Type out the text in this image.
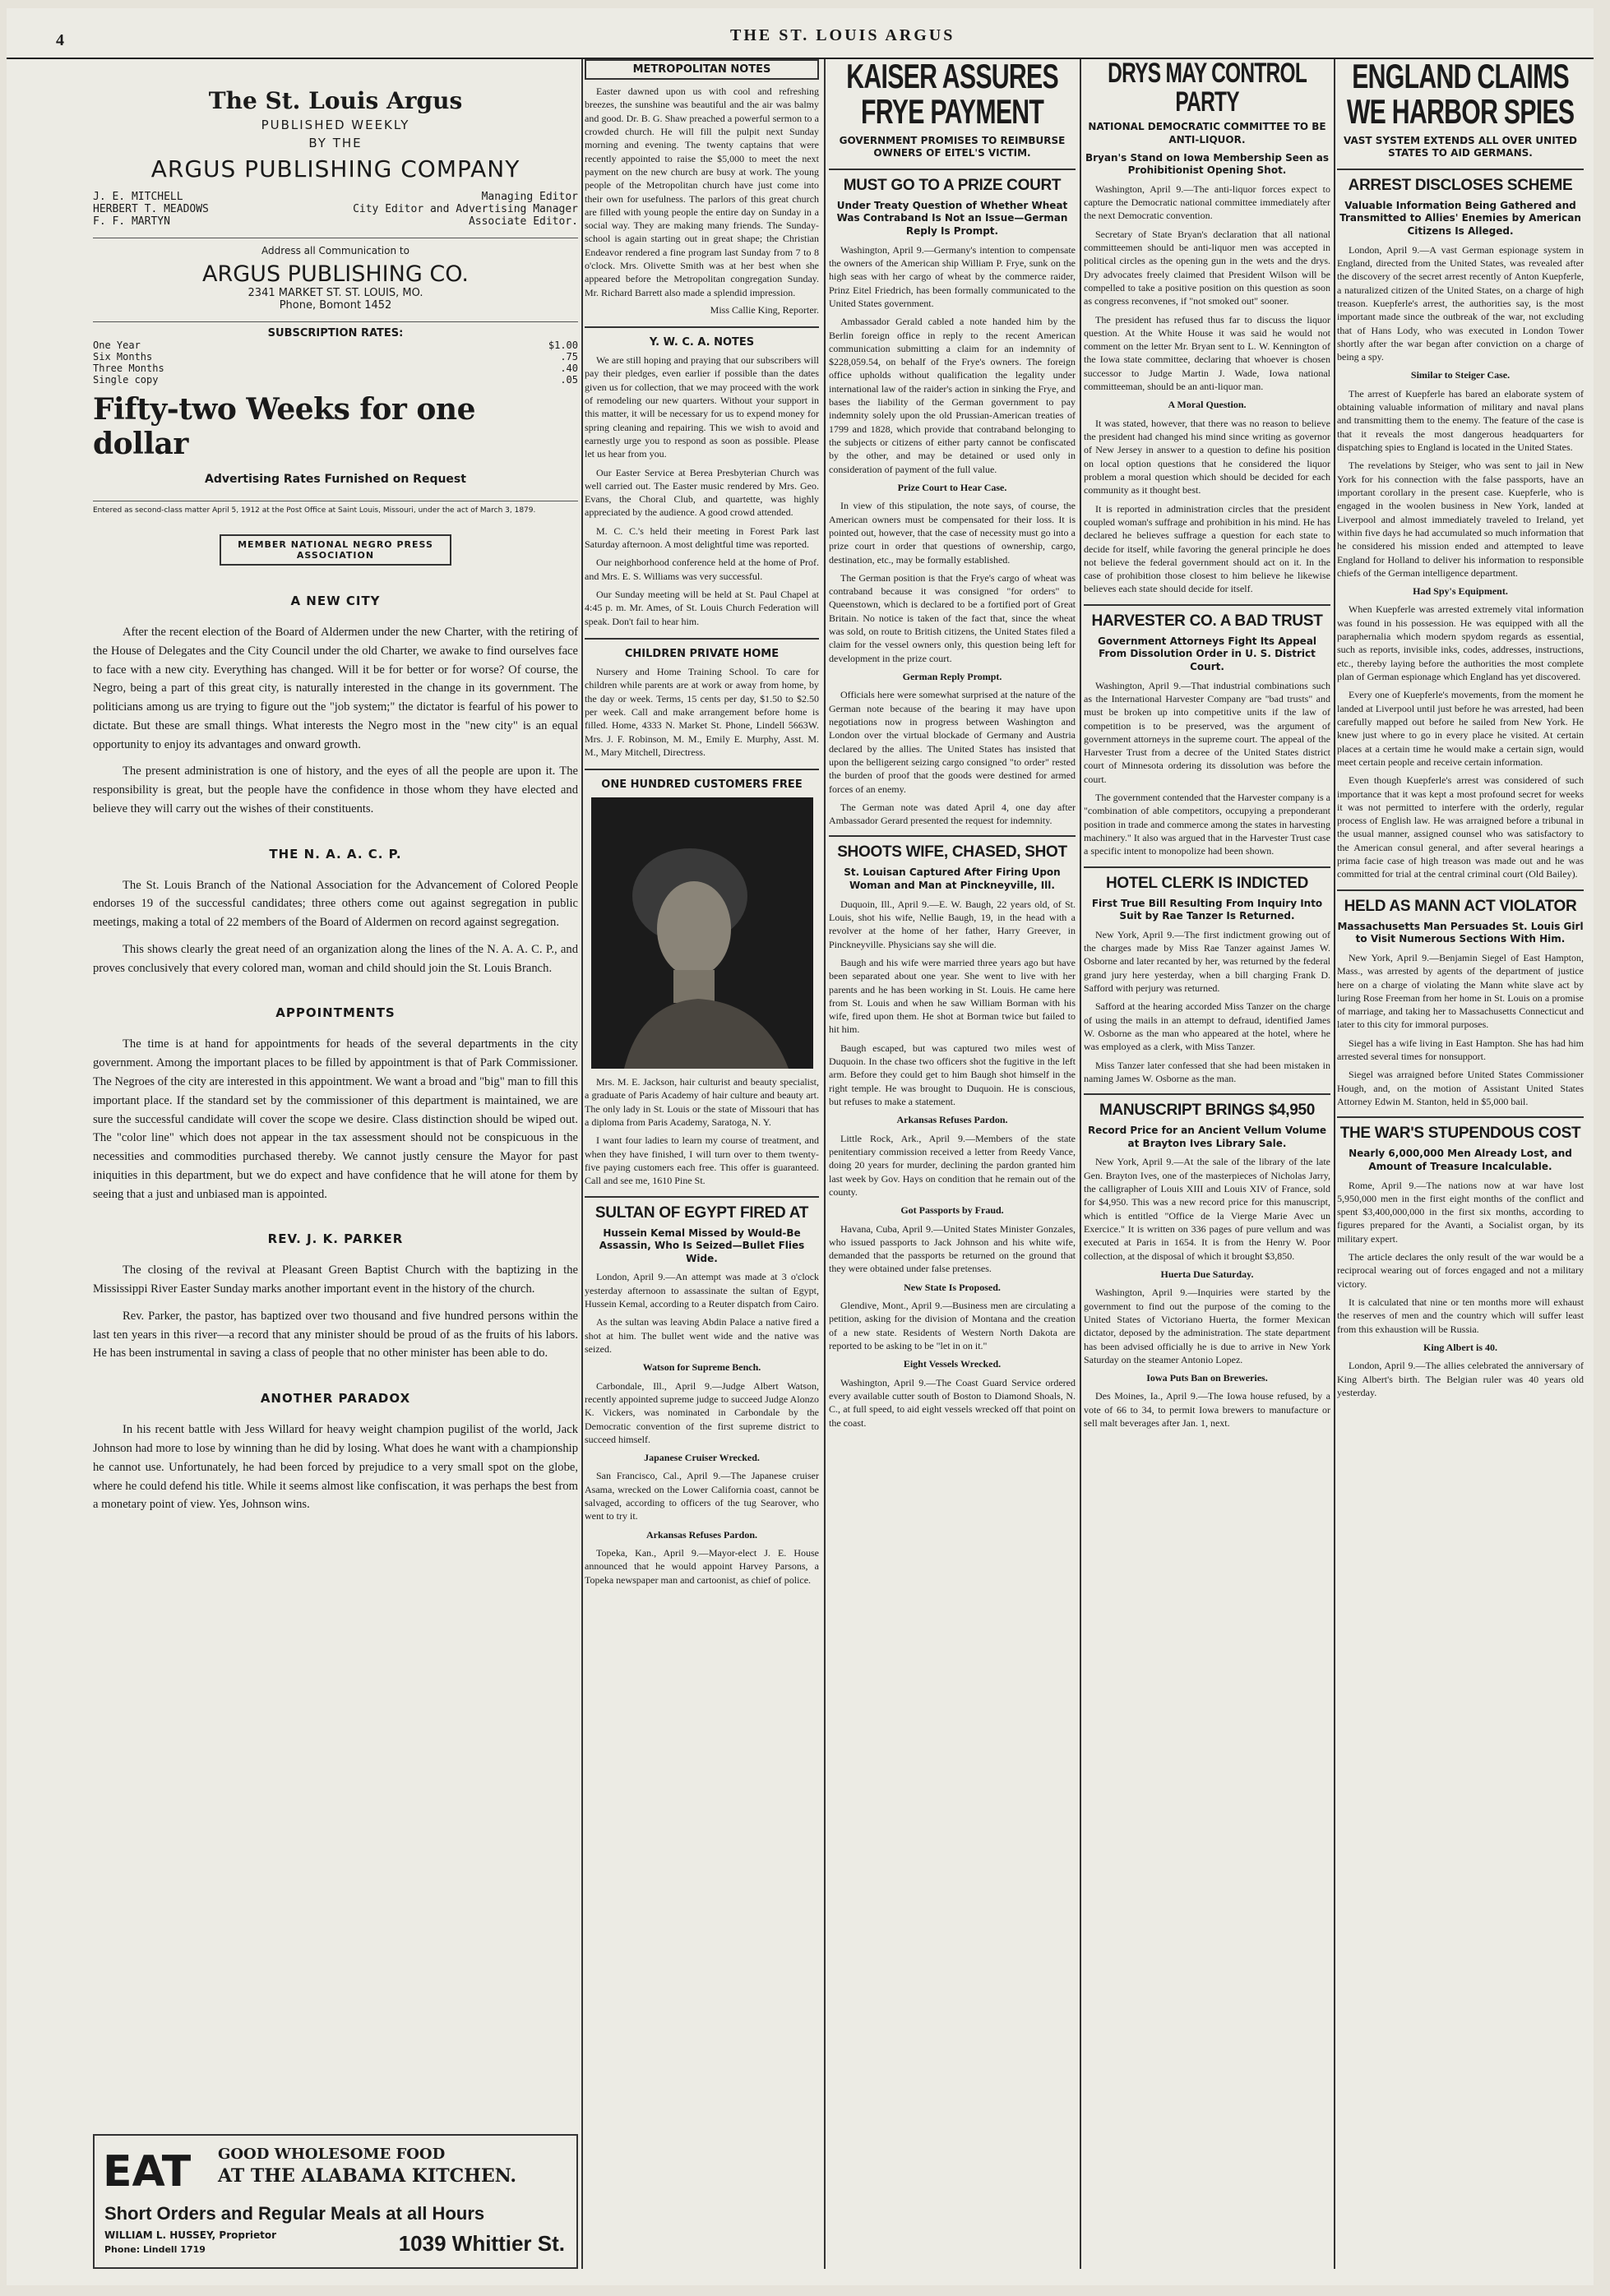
4	THE ST. LOUIS ARGUS
The St. Louis Argus
PUBLISHED WEEKLY
BY THE
ARGUS PUBLISHING COMPANY
J. E. MITCHELL	Managing Editor
HERBERT T. MEADOWS	City Editor and Advertising Manager
F. F. MARTYN	Associate Editor.
Address all Communication to
ARGUS PUBLISHING CO.
2341 MARKET ST. ST. LOUIS, MO.
Phone, Bomont 1452
SUBSCRIPTION RATES:
One Year	$1.00
Six Months	.75
Three Months	.40
Single copy	.05
Fifty-two Weeks for one dollar
Advertising Rates Furnished on Request
Entered as second-class matter April 5, 1912 at the Post Office at Saint Louis, Missouri, under the act of March 3, 1879.
MEMBER NATIONAL NEGRO PRESS ASSOCIATION
A NEW CITY

After the recent election of the Board of Aldermen under the new Charter, with the retiring of the House of Delegates and the City Council under the old Charter, we awake to find ourselves face to face with a new city. Everything has changed. Will it be for better or for worse? Of course, the Negro, being a part of this great city, is naturally interested in the change in its government. The politicians among us are trying to figure out the "job system;" the dictator is fearful of his power to dictate. But these are small things. What interests the Negro most in the "new city" is an equal opportunity to enjoy its advantages and onward growth.

The present administration is one of history, and the eyes of all the people are upon it. The responsibility is great, but the people have the confidence in those whom they have elected and believe they will carry out the wishes of their constituents.

THE N. A. A. C. P.

The St. Louis Branch of the National Association for the Advancement of Colored People endorses 19 of the successful candidates; three others come out against segregation in public meetings, making a total of 22 members of the Board of Aldermen on record against segregation.

This shows clearly the great need of an organization along the lines of the N. A. A. C. P., and proves conclusively that every colored man, woman and child should join the St. Louis Branch.

APPOINTMENTS

The time is at hand for appointments for heads of the several departments in the city government. Among the important places to be filled by appointment is that of Park Commissioner. The Negroes of the city are interested in this appointment. We want a broad and "big" man to fill this important place. If the standard set by the commissioner of this department is maintained, we are sure the successful candidate will cover the scope we desire. Class distinction should be wiped out. The "color line" which does not appear in the tax assessment should not be conspicuous in the necessities and commodities purchased thereby. We cannot justly censure the Mayor for past iniquities in this department, but we do expect and have confidence that he will atone for them by seeing that a just and unbiased man is appointed.

REV. J. K. PARKER

The closing of the revival at Pleasant Green Baptist Church with the baptizing in the Mississippi River Easter Sunday marks another important event in the history of the church.

Rev. Parker, the pastor, has baptized over two thousand and five hundred persons within the last ten years in this river—a record that any minister should be proud of as the fruits of his labors. He has been instrumental in saving a class of people that no other minister has been able to do.

ANOTHER PARADOX

In his recent battle with Jess Willard for heavy weight champion pugilist of the world, Jack Johnson had more to lose by winning than he did by losing. What does he want with a championship he cannot use. Unfortunately, he had been forced by prejudice to a very small spot on the globe, where he could defend his title. While it seems almost like confiscation, it was perhaps the best from a monetary point of view. Yes, Johnson wins.

EAT GOOD WHOLESOME FOOD
AT THE ALABAMA KITCHEN.
Short Orders and Regular Meals at all Hours
WILLIAM L. HUSSEY, Proprietor
Phone: Lindell 1719	1039 Whittier St.
METROPOLITAN NOTES

Easter dawned upon us with cool and refreshing breezes, the sunshine was beautiful and the air was balmy and good. Dr. B. G. Shaw preached a powerful sermon to a crowded church. He will fill the pulpit next Sunday morning and evening. The twenty captains that were recently appointed to raise the $5,000 to meet the next payment on the new church are busy at work. The young people of the Metropolitan church have just come into their own for usefulness. The parlors of this great church are filled with young people the entire day on Sunday in a social way. They are making many friends. The Sunday-school is again starting out in great shape; the Christian Endeavor rendered a fine program last Sunday from 7 to 8 o'clock. Mrs. Olivette Smith was at her best when she appeared before the Metropolitan congregation Sunday. Mr. Richard Barrett also made a splendid impression.

Miss Callie King, Reporter.
Y. W. C. A. NOTES

We are still hoping and praying that our subscribers will pay their pledges, even earlier if possible than the dates given us for collection, that we may proceed with the work of remodeling our new quarters. Without your support in this matter, it will be necessary for us to expend money for spring cleaning and repairing. This we wish to avoid and earnestly urge you to respond as soon as possible. Please let us hear from you.

Our Easter Service at Berea Presbyterian Church was well carried out. The Easter music rendered by Mrs. Geo. Evans, the Choral Club, and quartette, was highly appreciated by the audience. A good crowd attended.

M. C. C.'s held their meeting in Forest Park last Saturday afternoon. A most delightful time was reported.

Our neighborhood conference held at the home of Prof. and Mrs. E. S. Williams was very successful.

Our Sunday meeting will be held at St. Paul Chapel at 4:45 p. m. Mr. Ames, of St. Louis Church Federation will speak. Don't fail to hear him.

CHILDREN PRIVATE HOME

Nursery and Home Training School. To care for children while parents are at work or away from home, by the day or week. Terms, 15 cents per day, $1.50 to $2.50 per week. Call and make arrangement before home is filled. Home, 4333 N. Market St. Phone, Lindell 5663W. Mrs. J. F. Robinson, M. M., Emily E. Murphy, Asst. M. M., Mary Mitchell, Directress.

ONE HUNDRED CUSTOMERS FREE

Mrs. M. E. Jackson, hair culturist and beauty specialist, a graduate of Paris Academy of hair culture and beauty art. The only lady in St. Louis or the state of Missouri that has a diploma from Paris Academy, Saratoga, N. Y.

I want four ladies to learn my course of treatment, and when they have finished, I will turn over to them twenty-five paying customers each free. This offer is guaranteed. Call and see me, 1610 Pine St.

SULTAN OF EGYPT FIRED AT
Hussein Kemal Missed by Would-Be Assassin, Who Is Seized—Bullet Flies Wide.

London, April 9.—An attempt was made at 3 o'clock yesterday afternoon to assassinate the sultan of Egypt, Hussein Kemal, according to a Reuter dispatch from Cairo.

As the sultan was leaving Abdin Palace a native fired a shot at him. The bullet went wide and the native was seized.

Watson for Supreme Bench.

Carbondale, Ill., April 9.—Judge Albert Watson, recently appointed supreme judge to succeed Judge Alonzo K. Vickers, was nominated in Carbondale by the Democratic convention of the first supreme district to succeed himself.

Japanese Cruiser Wrecked.

San Francisco, Cal., April 9.—The Japanese cruiser Asama, wrecked on the Lower California coast, cannot be salvaged, according to officers of the tug Searover, who went to try it.

Arkansas Refuses Pardon.

Topeka, Kan., April 9.—Mayor-elect J. E. House announced that he would appoint Harvey Parsons, a Topeka newspaper man and cartoonist, as chief of police.

KAISER ASSURES FRYE PAYMENT
GOVERNMENT PROMISES TO REIMBURSE OWNERS OF EITEL'S VICTIM.
MUST GO TO A PRIZE COURT
Under Treaty Question of Whether Wheat Was Contraband Is Not an Issue—German Reply Is Prompt.

Washington, April 9.—Germany's intention to compensate the owners of the American ship William P. Frye, sunk on the high seas with her cargo of wheat by the commerce raider, Prinz Eitel Friedrich, has been formally communicated to the United States government.

Ambassador Gerald cabled a note handed him by the Berlin foreign office in reply to the recent American communication submitting a claim for an indemnity of $228,059.54, on behalf of the Frye's owners. The foreign office upholds without qualification the legality under international law of the raider's action in sinking the Frye, and bases the liability of the German government to pay indemnity solely upon the old Prussian-American treaties of 1799 and 1828, which provide that contraband belonging to the subjects or citizens of either party cannot be confiscated by the other, and may be detained or used only in consideration of payment of the full value.

Prize Court to Hear Case.

In view of this stipulation, the note says, of course, the American owners must be compensated for their loss. It is pointed out, however, that the case of necessity must go into a prize court in order that questions of ownership, cargo, destination, etc., may be formally established.

The German position is that the Frye's cargo of wheat was contraband because it was consigned "for orders" to Queenstown, which is declared to be a fortified port of Great Britain. No notice is taken of the fact that, since the wheat was sold, on route to British citizens, the United States filed a claim for the vessel owners only, this question being left for development in the prize court.

German Reply Prompt.

Officials here were somewhat surprised at the nature of the German note because of the bearing it may have upon negotiations now in progress between Washington and London over the virtual blockade of Germany and Austria declared by the allies. The United States has insisted that upon the belligerent seizing cargo consigned "to order" rested the burden of proof that the goods were destined for armed forces of an enemy.

The German note was dated April 4, one day after Ambassador Gerard presented the request for indemnity.

SHOOTS WIFE, CHASED, SHOT
St. Louisan Captured After Firing Upon Woman and Man at Pinckneyville, Ill.

Duquoin, Ill., April 9.—E. W. Baugh, 22 years old, of St. Louis, shot his wife, Nellie Baugh, 19, in the head with a revolver at the home of her father, Harry Greever, in Pinckneyville. Physicians say she will die.

Baugh and his wife were married three years ago but have been separated about one year. She went to live with her parents and he has been working in St. Louis. He came here from St. Louis and when he saw William Borman with his wife, fired upon them. He shot at Borman twice but failed to hit him.

Baugh escaped, but was captured two miles west of Duquoin. In the chase two officers shot the fugitive in the left arm. Before they could get to him Baugh shot himself in the right temple. He was brought to Duquoin. He is conscious, but refuses to make a statement.

Arkansas Refuses Pardon.

Little Rock, Ark., April 9.—Members of the state penitentiary commission received a letter from Reedy Vance, doing 20 years for murder, declining the pardon granted him last week by Gov. Hays on condition that he remain out of the county.

Got Passports by Fraud.

Havana, Cuba, April 9.—United States Minister Gonzales, who issued passports to Jack Johnson and his white wife, demanded that the passports be returned on the ground that they were obtained under false pretenses.

New State Is Proposed.

Glendive, Mont., April 9.—Business men are circulating a petition, asking for the division of Montana and the creation of a new state. Residents of Western North Dakota are reported to be asking to be "let in on it."

Eight Vessels Wrecked.

Washington, April 9.—The Coast Guard Service ordered every available cutter south of Boston to Diamond Shoals, N. C., at full speed, to aid eight vessels wrecked off that point on the coast.

DRYS MAY CONTROL PARTY
NATIONAL DEMOCRATIC COMMITTEE TO BE ANTI-LIQUOR.
Bryan's Stand on Iowa Membership Seen as Prohibitionist Opening Shot.

Washington, April 9.—The anti-liquor forces expect to capture the Democratic national committee immediately after the next Democratic convention.

Secretary of State Bryan's declaration that all national committeemen should be anti-liquor men was accepted in political circles as the opening gun in the wets and the drys. Dry advocates freely claimed that President Wilson will be compelled to take a positive position on this question as soon as congress reconvenes, if "not smoked out" sooner.

The president has refused thus far to discuss the liquor question. At the White House it was said he would not comment on the letter Mr. Bryan sent to L. W. Kennington of the Iowa state committee, declaring that whoever is chosen successor to Judge Martin J. Wade, Iowa national committeeman, should be an anti-liquor man.

A Moral Question.

It was stated, however, that there was no reason to believe the president had changed his mind since writing as governor of New Jersey in answer to a question to define his position on local option questions that he considered the liquor problem a moral question which should be decided for each community as it thought best.

It is reported in administration circles that the president coupled woman's suffrage and prohibition in his mind. He has declared he believes suffrage a question for each state to decide for itself, while favoring the general principle he does not believe the federal government should act on it. In the case of prohibition those closest to him believe he likewise believes each state should decide for itself.

HARVESTER CO. A BAD TRUST
Government Attorneys Fight Its Appeal From Dissolution Order in U. S. District Court.

Washington, April 9.—That industrial combinations such as the International Harvester Company are "bad trusts" and must be broken up into competitive units if the law of competition is to be preserved, was the argument of government attorneys in the supreme court. The appeal of the Harvester Trust from a decree of the United States district court of Minnesota ordering its dissolution was before the court.

The government contended that the Harvester company is a "combination of able competitors, occupying a preponderant position in trade and commerce among the states in harvesting machinery." It also was argued that in the Harvester Trust case a specific intent to monopolize had been shown.

HOTEL CLERK IS INDICTED
First True Bill Resulting From Inquiry Into Suit by Rae Tanzer Is Returned.

New York, April 9.—The first indictment growing out of the charges made by Miss Rae Tanzer against James W. Osborne and later recanted by her, was returned by the federal grand jury here yesterday, when a bill charging Frank D. Safford with perjury was returned.

Safford at the hearing accorded Miss Tanzer on the charge of using the mails in an attempt to defraud, identified James W. Osborne as the man who appeared at the hotel, where he was employed as a clerk, with Miss Tanzer.

Miss Tanzer later confessed that she had been mistaken in naming James W. Osborne as the man.

MANUSCRIPT BRINGS $4,950
Record Price for an Ancient Vellum Volume at Brayton Ives Library Sale.

New York, April 9.—At the sale of the library of the late Gen. Brayton Ives, one of the masterpieces of Nicholas Jarry, the calligrapher of Louis XIII and Louis XIV of France, sold for $4,950. This was a new record price for this manuscript, which is entitled "Office de la Vierge Marie Avec un Exercice." It is written on 336 pages of pure vellum and was executed at Paris in 1654. It is from the Henry W. Poor collection, at the disposal of which it brought $3,850.

Huerta Due Saturday.

Washington, April 9.—Inquiries were started by the government to find out the purpose of the coming to the United States of Victoriano Huerta, the former Mexican dictator, deposed by the administration. The state department has been advised officially he is due to arrive in New York Saturday on the steamer Antonio Lopez.

Iowa Puts Ban on Breweries.

Des Moines, Ia., April 9.—The Iowa house refused, by a vote of 66 to 34, to permit Iowa brewers to manufacture or sell malt beverages after Jan. 1, next.

ENGLAND CLAIMS WE HARBOR SPIES
VAST SYSTEM EXTENDS ALL OVER UNITED STATES TO AID GERMANS.
ARREST DISCLOSES SCHEME
Valuable Information Being Gathered and Transmitted to Allies' Enemies by American Citizens Is Alleged.

London, April 9.—A vast German espionage system in England, directed from the United States, was revealed after the discovery of the secret arrest recently of Anton Kuepferle, a naturalized citizen of the United States, on a charge of high treason. Kuepferle's arrest, the authorities say, is the most important made since the outbreak of the war, not excluding that of Hans Lody, who was executed in London Tower shortly after the war began after conviction on a charge of being a spy.

Similar to Steiger Case.

The arrest of Kuepferle has bared an elaborate system of obtaining valuable information of military and naval plans and transmitting them to the enemy. The feature of the case is that it reveals the most dangerous headquarters for dispatching spies to England is located in the United States.

The revelations by Steiger, who was sent to jail in New York for his connection with the false passports, have an important corollary in the present case. Kuepferle, who is engaged in the woolen business in New York, landed at Liverpool and almost immediately traveled to Ireland, yet within five days he had accumulated so much information that he considered his mission ended and attempted to leave England for Holland to deliver his information to responsible chiefs of the German intelligence department.

Had Spy's Equipment.

When Kuepferle was arrested extremely vital information was found in his possession. He was equipped with all the paraphernalia which modern spydom regards as essential, such as reports, invisible inks, codes, addresses, instructions, etc., thereby laying before the authorities the most complete plan of German espionage which England has yet discovered.

Every one of Kuepferle's movements, from the moment he landed at Liverpool until just before he was arrested, had been carefully mapped out before he sailed from New York. He knew just where to go in every place he visited. At certain places at a certain time he would make a certain sign, would meet certain people and receive certain information.

Even though Kuepferle's arrest was considered of such importance that it was kept a most profound secret for weeks it was not permitted to interfere with the orderly, regular process of English law. He was arraigned before a tribunal in the usual manner, assigned counsel who was satisfactory to the American consul general, and after several hearings a prima facie case of high treason was made out and he was committed for trial at the central criminal court (Old Bailey).

HELD AS MANN ACT VIOLATOR
Massachusetts Man Persuades St. Louis Girl to Visit Numerous Sections With Him.

New York, April 9.—Benjamin Siegel of East Hampton, Mass., was arrested by agents of the department of justice here on a charge of violating the Mann white slave act by luring Rose Freeman from her home in St. Louis on a promise of marriage, and taking her to Massachusetts Connecticut and later to this city for immoral purposes.

Siegel has a wife living in East Hampton. She has had him arrested several times for nonsupport.

Siegel was arraigned before United States Commissioner Hough, and, on the motion of Assistant United States Attorney Edwin M. Stanton, held in $5,000 bail.

THE WAR'S STUPENDOUS COST
Nearly 6,000,000 Men Already Lost, and Amount of Treasure Incalculable.

Rome, April 9.—The nations now at war have lost 5,950,000 men in the first eight months of the conflict and spent $3,400,000,000 in the first six months, according to figures prepared for the Avanti, a Socialist organ, by its military expert.

The article declares the only result of the war would be a reciprocal wearing out of forces engaged and not a military victory.

It is calculated that nine or ten months more will exhaust the reserves of men and the country which will suffer least from this exhaustion will be Russia.

King Albert is 40.

London, April 9.—The allies celebrated the anniversary of King Albert's birth. The Belgian ruler was 40 years old yesterday.
